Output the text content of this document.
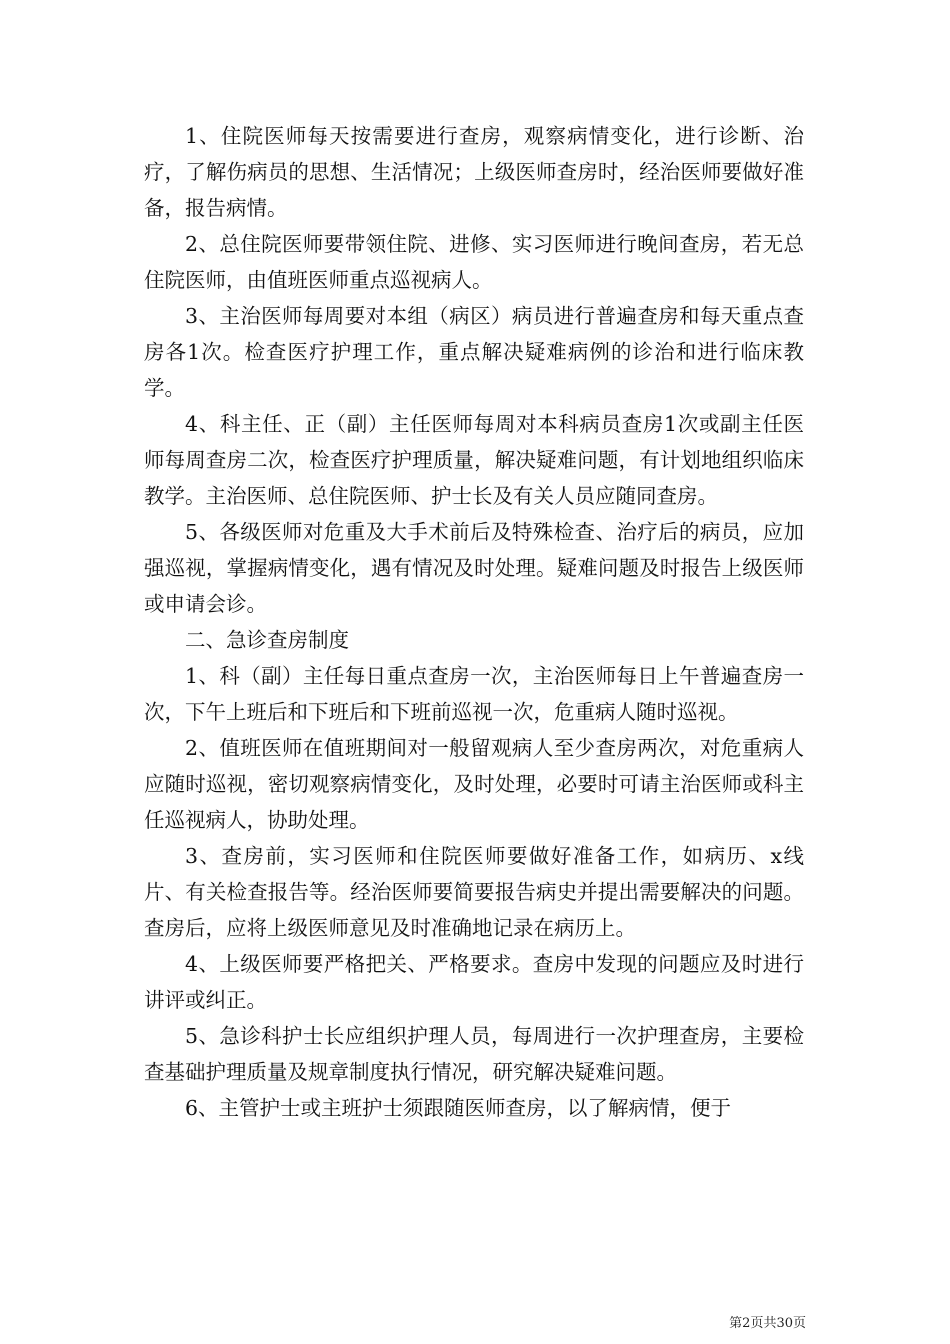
1、住院医师每天按需要进行查房，观察病情变化，进行诊断、治疗，了解伤病员的思想、生活情况；上级医师查房时，经治医师要做好准备，报告病情。

2、总住院医师要带领住院、进修、实习医师进行晚间查房，若无总住院医师，由值班医师重点巡视病人。

3、主治医师每周要对本组（病区）病员进行普遍查房和每天重点查房各1次。检查医疗护理工作，重点解决疑难病例的诊治和进行临床教学。

4、科主任、正（副）主任医师每周对本科病员查房1次或副主任医师每周查房二次，检查医疗护理质量，解决疑难问题，有计划地组织临床教学。主治医师、总住院医师、护士长及有关人员应随同查房。

5、各级医师对危重及大手术前后及特殊检查、治疗后的病员，应加强巡视，掌握病情变化，遇有情况及时处理。疑难问题及时报告上级医师或申请会诊。

二、急诊查房制度

1、科（副）主任每日重点查房一次，主治医师每日上午普遍查房一次，下午上班后和下班后和下班前巡视一次，危重病人随时巡视。

2、值班医师在值班期间对一般留观病人至少查房两次，对危重病人应随时巡视，密切观察病情变化，及时处理，必要时可请主治医师或科主任巡视病人，协助处理。

3、查房前，实习医师和住院医师要做好准备工作，如病历、x线片、有关检查报告等。经治医师要简要报告病史并提出需要解决的问题。查房后，应将上级医师意见及时准确地记录在病历上。

4、上级医师要严格把关、严格要求。查房中发现的问题应及时进行讲评或纠正。

5、急诊科护士长应组织护理人员，每周进行一次护理查房，主要检查基础护理质量及规章制度执行情况，研究解决疑难问题。

6、主管护士或主班护士须跟随医师查房，以了解病情，便于

第2页共30页
